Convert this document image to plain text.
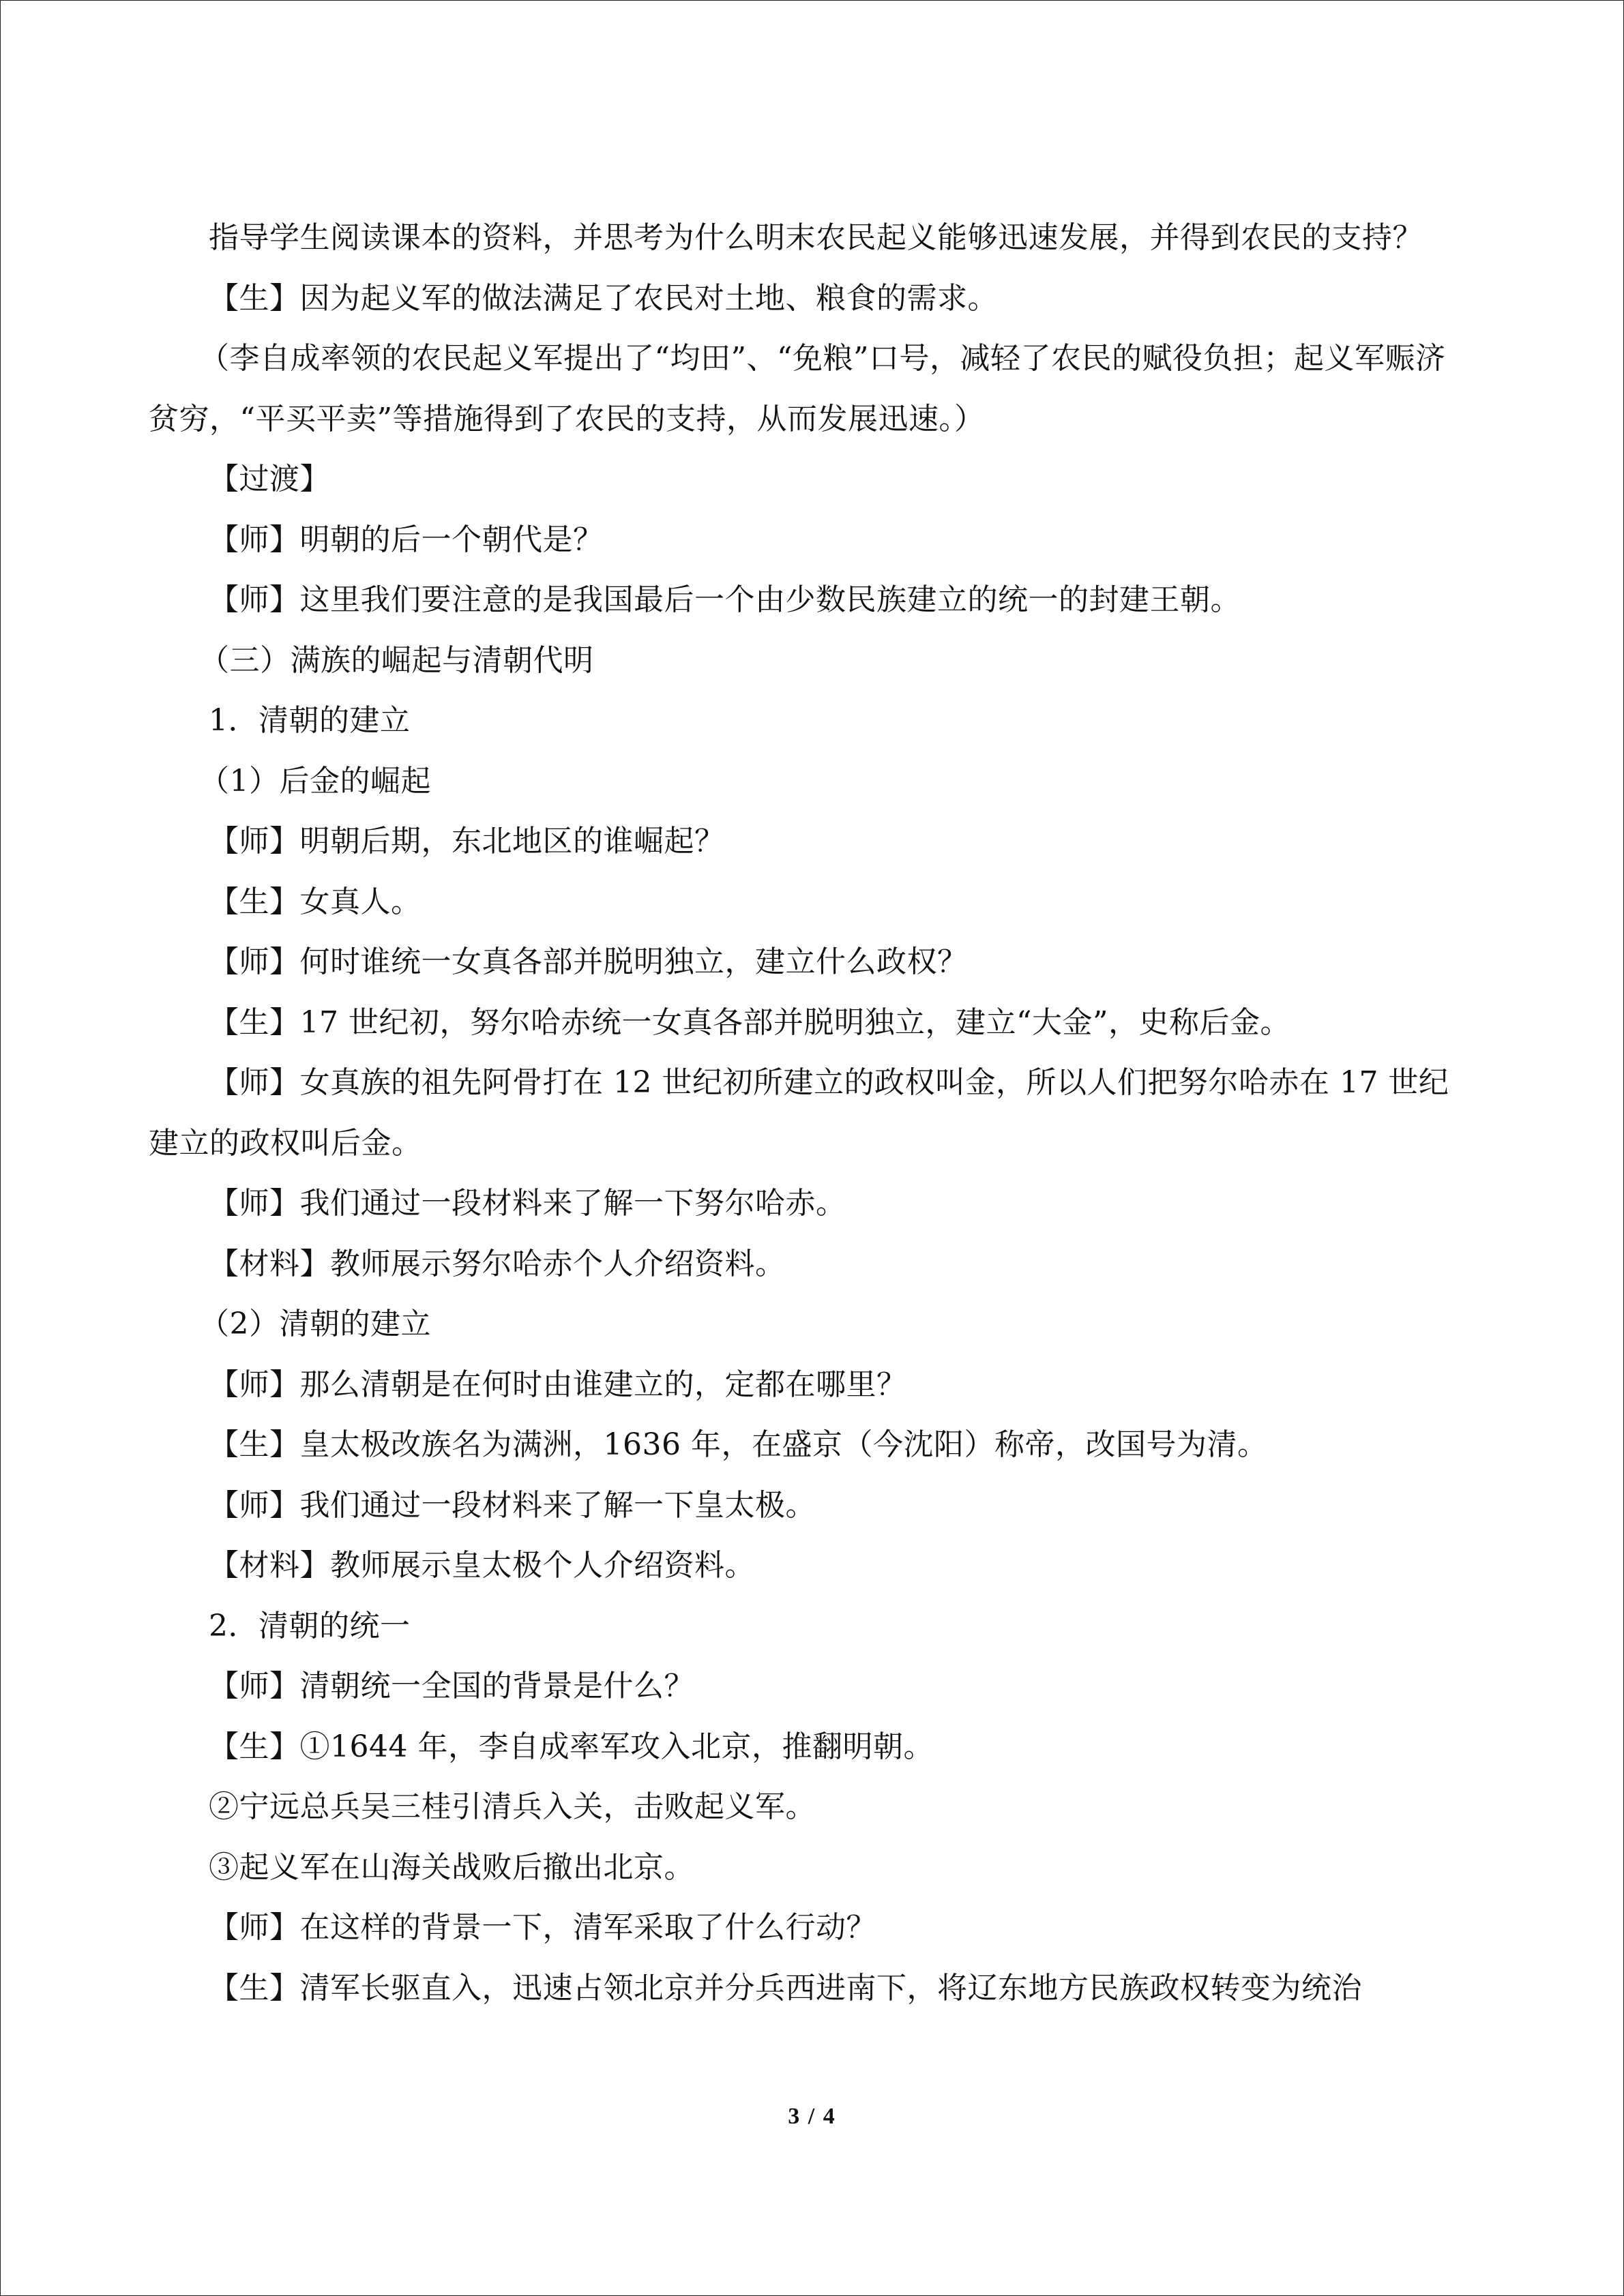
指导学生阅读课本的资料，并思考为什么明末农民起义能够迅速发展，并得到农民的支持？

【生】因为起义军的做法满足了农民对土地、粮食的需求。

（李自成率领的农民起义军提出了“均田”、“免粮”口号，减轻了农民的赋役负担；起义军赈济贫穷，“平买平卖”等措施得到了农民的支持，从而发展迅速。）

【过渡】

【师】明朝的后一个朝代是？

【师】这里我们要注意的是我国最后一个由少数民族建立的统一的封建王朝。

（三）满族的崛起与清朝代明

1．清朝的建立

（1）后金的崛起

【师】明朝后期，东北地区的谁崛起？

【生】女真人。

【师】何时谁统一女真各部并脱明独立，建立什么政权？

【生】17 世纪初，努尔哈赤统一女真各部并脱明独立，建立“大金”，史称后金。

【师】女真族的祖先阿骨打在 12 世纪初所建立的政权叫金，所以人们把努尔哈赤在 17 世纪建立的政权叫后金。

【师】我们通过一段材料来了解一下努尔哈赤。

【材料】教师展示努尔哈赤个人介绍资料。

（2）清朝的建立

【师】那么清朝是在何时由谁建立的，定都在哪里？

【生】皇太极改族名为满洲，1636 年，在盛京（今沈阳）称帝，改国号为清。

【师】我们通过一段材料来了解一下皇太极。

【材料】教师展示皇太极个人介绍资料。

2．清朝的统一

【师】清朝统一全国的背景是什么？

【生】①1644 年，李自成率军攻入北京，推翻明朝。

②宁远总兵吴三桂引清兵入关，击败起义军。

③起义军在山海关战败后撤出北京。

【师】在这样的背景一下，清军采取了什么行动？

【生】清军长驱直入，迅速占领北京并分兵西进南下，将辽东地方民族政权转变为统治

3 / 4
